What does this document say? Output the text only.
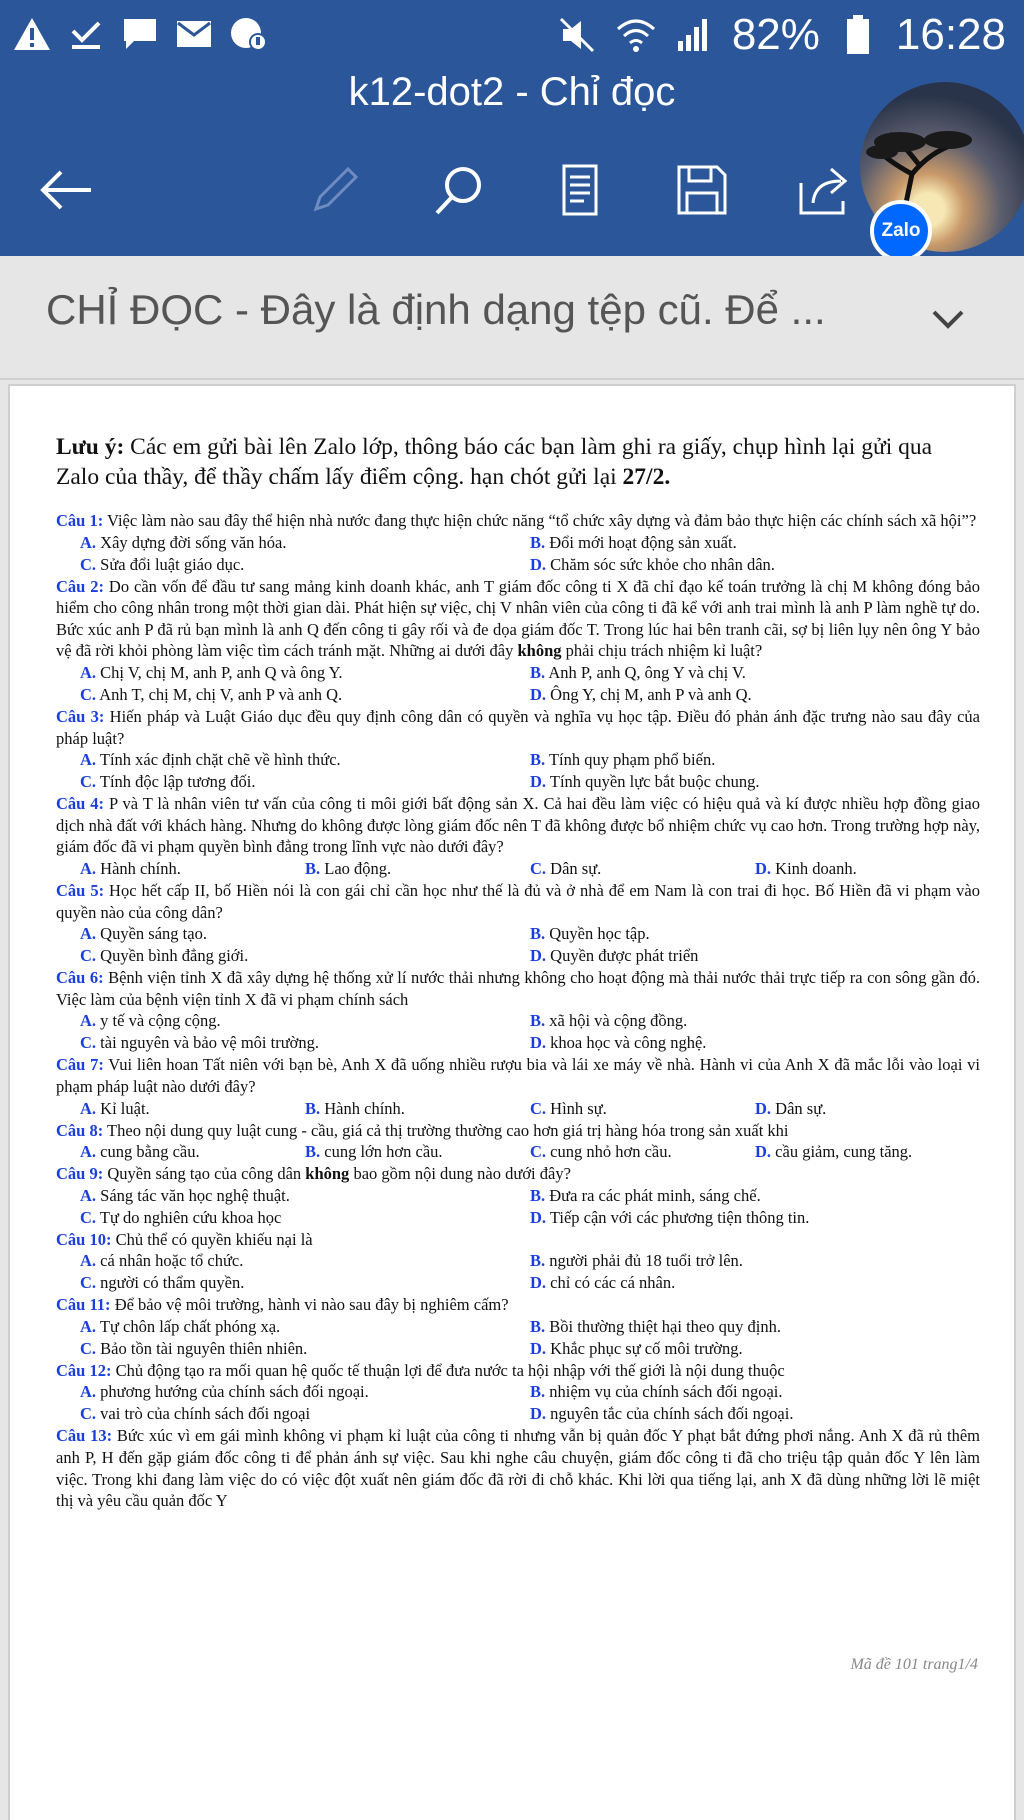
82% 16:28
k12-dot2 - Chỉ đọc
Zalo
CHỈ ĐỌC - Đây là định dạng tệp cũ. Để ...
Lưu ý: Các em gửi bài lên Zalo lớp, thông báo các bạn làm ghi ra giấy, chụp hình lại gửi qua Zalo của thầy, để thầy chấm lấy điểm cộng. hạn chót gửi lại 27/2.
Câu 1: Việc làm nào sau đây thể hiện nhà nước đang thực hiện chức năng “tổ chức xây dựng và đảm bảo thực hiện các chính sách xã hội”?
A. Xây dựng đời sống văn hóa.	B. Đổi mới hoạt động sản xuất.
C. Sửa đổi luật giáo dục.	D. Chăm sóc sức khỏe cho nhân dân.
Câu 2: Do cần vốn để đầu tư sang mảng kinh doanh khác, anh T giám đốc công ti X đã chỉ đạo kế toán trưởng là chị M không đóng bảo hiểm cho công nhân trong một thời gian dài. Phát hiện sự việc, chị V nhân viên của công ti đã kể với anh trai mình là anh P làm nghề tự do. Bức xúc anh P đã rủ bạn mình là anh Q đến công ti gây rối và đe dọa giám đốc T. Trong lúc hai bên tranh cãi, sợ bị liên lụy nên ông Y bảo vệ đã rời khỏi phòng làm việc tìm cách tránh mặt. Những ai dưới đây không phải chịu trách nhiệm kỉ luật?
A. Chị V, chị M, anh P, anh Q và ông Y.	B. Anh P, anh Q, ông Y và chị V.
C. Anh T, chị M, chị V, anh P và anh Q.	D. Ông Y, chị M, anh P và anh Q.
Câu 3: Hiến pháp và Luật Giáo dục đều quy định công dân có quyền và nghĩa vụ học tập. Điều đó phản ánh đặc trưng nào sau đây của pháp luật?
A. Tính xác định chặt chẽ về hình thức.	B. Tính quy phạm phổ biến.
C. Tính độc lập tương đối.	D. Tính quyền lực bắt buộc chung.
Câu 4: P và T là nhân viên tư vấn của công ti môi giới bất động sản X. Cả hai đều làm việc có hiệu quả và kí được nhiều hợp đồng giao dịch nhà đất với khách hàng. Nhưng do không được lòng giám đốc nên T đã không được bổ nhiệm chức vụ cao hơn. Trong trường hợp này, giám đốc đã vi phạm quyền bình đẳng trong lĩnh vực nào dưới đây?
A. Hành chính.	B. Lao động.	C. Dân sự.	D. Kinh doanh.
Câu 5: Học hết cấp II, bố Hiền nói là con gái chỉ cần học như thế là đủ và ở nhà để em Nam là con trai đi học. Bố Hiền đã vi phạm vào quyền nào của công dân?
A. Quyền sáng tạo.	B. Quyền học tập.
C. Quyền bình đẳng giới.	D. Quyền được phát triển
Câu 6: Bệnh viện tỉnh X đã xây dựng hệ thống xử lí nước thải nhưng không cho hoạt động mà thải nước thải trực tiếp ra con sông gần đó. Việc làm của bệnh viện tỉnh X đã vi phạm chính sách
A. y tế và cộng cộng.	B. xã hội và cộng đồng.
C. tài nguyên và bảo vệ môi trường.	D. khoa học và công nghệ.
Câu 7: Vui liên hoan Tất niên với bạn bè, Anh X đã uống nhiều rượu bia và lái xe máy về nhà. Hành vi của Anh X đã mắc lỗi vào loại vi phạm pháp luật nào dưới đây?
A. Kỉ luật.	B. Hành chính.	C. Hình sự.	D. Dân sự.
Câu 8: Theo nội dung quy luật cung - cầu, giá cả thị trường thường cao hơn giá trị hàng hóa trong sản xuất khi
A. cung bằng cầu.	B. cung lớn hơn cầu.	C. cung nhỏ hơn cầu.	D. cầu giảm, cung tăng.
Câu 9: Quyền sáng tạo của công dân không bao gồm nội dung nào dưới đây?
A. Sáng tác văn học nghệ thuật.	B. Đưa ra các phát minh, sáng chế.
C. Tự do nghiên cứu khoa học	D. Tiếp cận với các phương tiện thông tin.
Câu 10: Chủ thể có quyền khiếu nại là
A. cá nhân hoặc tổ chức.	B. người phải đủ 18 tuổi trở lên.
C. người có thẩm quyền.	D. chỉ có các cá nhân.
Câu 11: Để bảo vệ môi trường, hành vi nào sau đây bị nghiêm cấm?
A. Tự chôn lấp chất phóng xạ.	B. Bồi thường thiệt hại theo quy định.
C. Bảo tồn tài nguyên thiên nhiên.	D. Khắc phục sự cố môi trường.
Câu 12: Chủ động tạo ra mối quan hệ quốc tế thuận lợi để đưa nước ta hội nhập với thế giới là nội dung thuộc
A. phương hướng của chính sách đối ngoại.	B. nhiệm vụ của chính sách đối ngoại.
C. vai trò của chính sách đối ngoại	D. nguyên tắc của chính sách đối ngoại.
Câu 13: Bức xúc vì em gái mình không vi phạm kỉ luật của công ti nhưng vẫn bị quản đốc Y phạt bắt đứng phơi nắng. Anh X đã rủ thêm anh P, H đến gặp giám đốc công ti để phản ánh sự việc. Sau khi nghe câu chuyện, giám đốc công ti đã cho triệu tập quản đốc Y lên làm việc. Trong khi đang làm việc do có việc đột xuất nên giám đốc đã rời đi chỗ khác. Khi lời qua tiếng lại, anh X đã dùng những lời lẽ miệt thị và yêu cầu quản đốc Y
Mã đề 101 trang1/4
